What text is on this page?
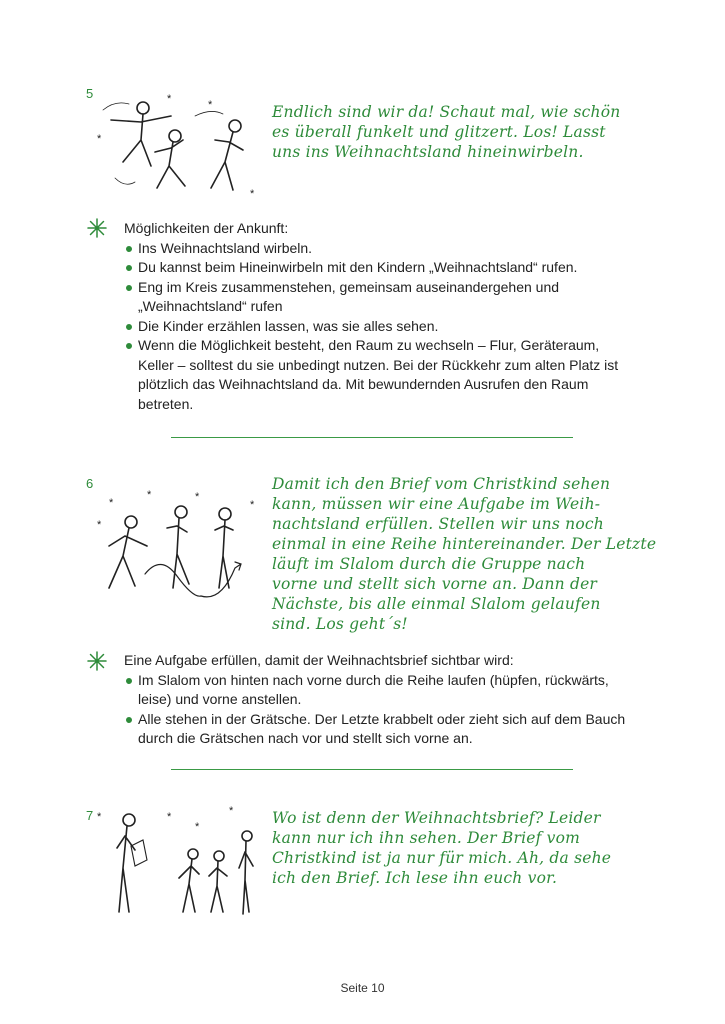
5	*	*
*
*
Endlich sind wir da! Schaut mal, wie schön
es überall funkelt und glitzert. Los! Lasst
uns ins Weihnachtsland hineinwirbeln.
Möglichkeiten der Ankunft:
Ins Weihnachtsland wirbeln.
Du kannst beim Hineinwirbeln mit den Kindern „Weihnachtsland“ rufen.
Eng im Kreis zusammenstehen, gemeinsam auseinandergehen und
„Weihnachtsland“ rufen
Die Kinder erzählen lassen, was sie alles sehen.
Wenn die Möglichkeit besteht, den Raum zu wechseln – Flur, Geräteraum,
Keller – solltest du sie unbedingt nutzen. Bei der Rückkehr zum alten Platz ist
plötzlich das Weihnachtsland da. Mit bewundernden Ausrufen den Raum
betreten.
6
*
*	*
*
*
Damit ich den Brief vom Christkind sehen
kann, müssen wir eine Aufgabe im Weih-
nachtsland erfüllen. Stellen wir uns noch
einmal in eine Reihe hintereinander. Der Letzte
läuft im Slalom durch die Gruppe nach
vorne und stellt sich vorne an. Dann der
Nächste, bis alle einmal Slalom gelaufen
sind. Los geht´s!
Eine Aufgabe erfüllen, damit der Weihnachtsbrief sichtbar wird:
Im Slalom von hinten nach vorne durch die Reihe laufen (hüpfen, rückwärts,
leise) und vorne anstellen.
Alle stehen in der Grätsche. Der Letzte krabbelt oder zieht sich auf dem Bauch
durch die Grätschen nach vor und stellt sich vorne an.
7 *	*
*
* Wo ist denn der Weihnachtsbrief? Leider
kann nur ich ihn sehen. Der Brief vom
Christkind ist ja nur für mich. Ah, da sehe
ich den Brief. Ich lese ihn euch vor.
Seite 10
